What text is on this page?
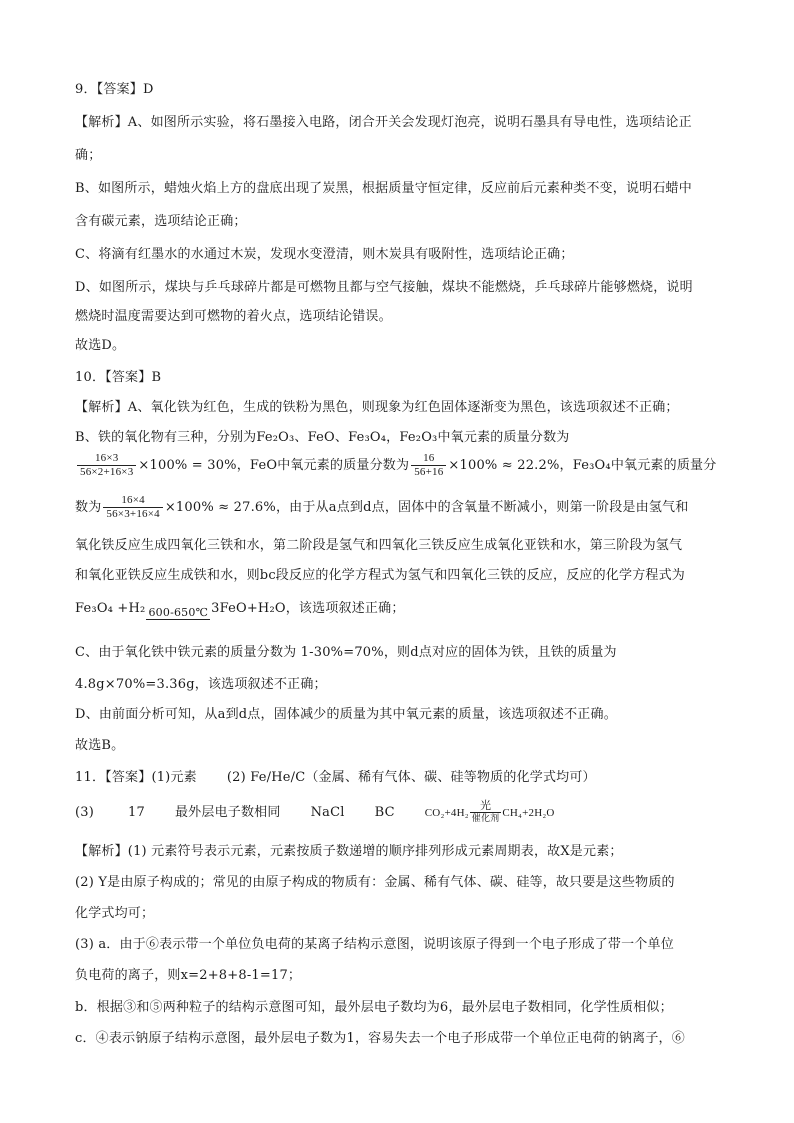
9．【答案】D
【解析】A、如图所示实验，将石墨接入电路，闭合开关会发现灯泡亮，说明石墨具有导电性，选项结论正
确；
B、如图所示，蜡烛火焰上方的盘底出现了炭黑，根据质量守恒定律，反应前后元素种类不变，说明石蜡中
含有碳元素，选项结论正确；
C、将滴有红墨水的水通过木炭，发现水变澄清，则木炭具有吸附性，选项结论正确；
D、如图所示，煤块与乒乓球碎片都是可燃物且都与空气接触，煤块不能燃烧，乒乓球碎片能够燃烧，说明
燃烧时温度需要达到可燃物的着火点，选项结论错误。
故选D。
10．【答案】B
【解析】A、氧化铁为红色，生成的铁粉为黑色，则现象为红色固体逐渐变为黑色，该选项叙述不正确；
B、铁的氧化物有三种，分别为Fe₂O₃、FeO、Fe₃O₄，Fe₂O₃中氧元素的质量分数为
$\frac{16\times 3}{56\times 2+16\times 3} \times 100\% = 30\%$，FeO中氧元素的质量分数为 $\frac{16}{56+16} \times 100\% \approx 22.2\%$，Fe₃O₄中氧元素的质量分
数为 $\frac{16\times 4}{56\times 3+16\times 4} \times 100\% \approx 27.6\%$，由于从a点到d点，固体中的含氧量不断减小，则第一阶段是由氢气和
氧化铁反应生成四氧化三铁和水，第二阶段是氢气和四氧化三铁反应生成氧化亚铁和水，第三阶段为氢气
和氧化亚铁反应生成铁和水，则bc段反应的化学方程式为氢气和四氧化三铁的反应，反应的化学方程式为
Fe₃O₄ +H₂ 600-650℃ 3FeO+H₂O，该选项叙述正确；
C、由于氧化铁中铁元素的质量分数为 1-30%=70%，则d点对应的固体为铁，且铁的质量为
4.8g×70%=3.36g，该选项叙述不正确；
D、由前面分析可知，从a到d点，固体减少的质量为其中氧元素的质量，该选项叙述不正确。
故选B。
11．【答案】(1)元素 (2) Fe/He/C（金属、稀有气体、碳、硅等物质的化学式均可）
(3)	17 最外层电子数相同 NaCl BC	CO₂+4H₂
光
催化剂 CH₄+2H₂O
【解析】(1) 元素符号表示元素，元素按质子数递增的顺序排列形成元素周期表，故X是元素；
(2) Y是由原子构成的；常见的由原子构成的物质有：金属、稀有气体、碳、硅等，故只要是这些物质的
化学式均可；
(3) a．由于⑥表示带一个单位负电荷的某离子结构示意图，说明该原子得到一个电子形成了带一个单位
负电荷的离子，则x=2+8+8-1=17；
b．根据③和⑤两种粒子的结构示意图可知，最外层电子数均为6，最外层电子数相同，化学性质相似；
c．④表示钠原子结构示意图，最外层电子数为1，容易失去一个电子形成带一个单位正电荷的钠离子，⑥
